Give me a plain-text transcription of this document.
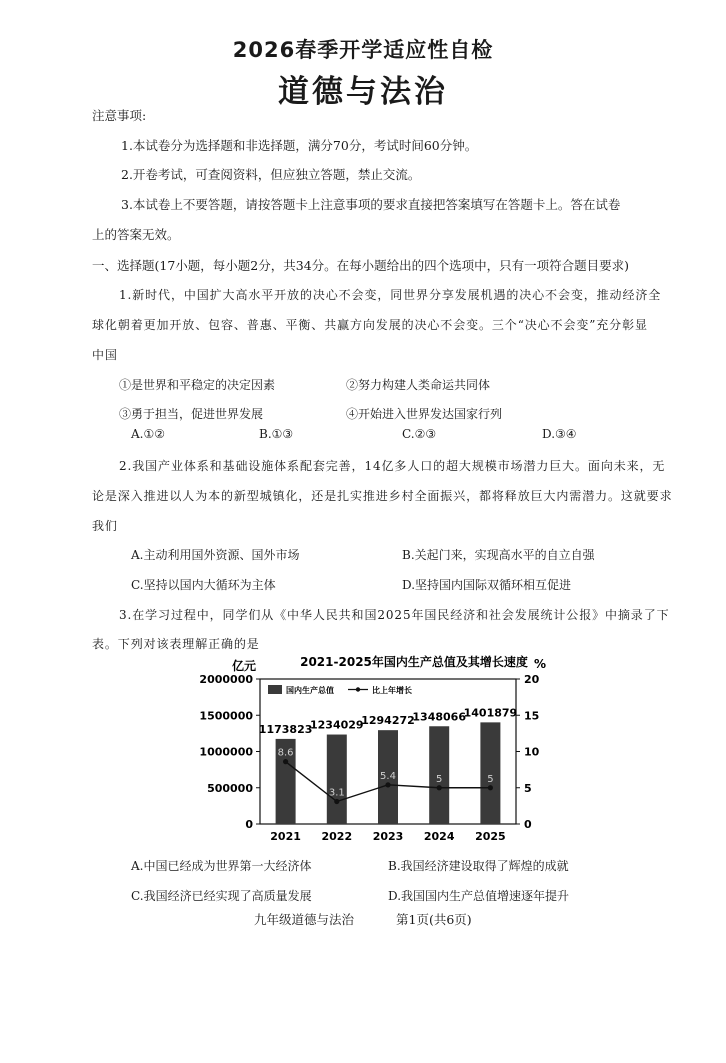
2026春季开学适应性自检
道德与法治
注意事项:
1.本试卷分为选择题和非选择题，满分70分，考试时间60分钟。
2.开卷考试，可查阅资料，但应独立答题，禁止交流。
3.本试卷上不要答题，请按答题卡上注意事项的要求直接把答案填写在答题卡上。答在试卷
上的答案无效。
一、选择题(17小题，每小题2分，共34分。在每小题给出的四个选项中，只有一项符合题目要求)
1.新时代，中国扩大高水平开放的决心不会变，同世界分享发展机遇的决心不会变，推动经济全
球化朝着更加开放、包容、普惠、平衡、共赢方向发展的决心不会变。三个“决心不会变”充分彰显
中国
①是世界和平稳定的决定因素	②努力构建人类命运共同体
③勇于担当，促进世界发展	④开始进入世界发达国家行列
A.①②	B.①③	C.②③	D.③④
2.我国产业体系和基础设施体系配套完善，14亿多人口的超大规模市场潜力巨大。面向未来，无
论是深入推进以人为本的新型城镇化，还是扎实推进乡村全面振兴，都将释放巨大内需潜力。这就要求
我们
A.主动利用国外资源、国外市场	B.关起门来，实现高水平的自立自强
C.坚持以国内大循环为主体	D.坚持国内国际双循环相互促进
3.在学习过程中，同学们从《中华人民共和国2025年国民经济和社会发展统计公报》中摘录了下
表。下列对该表理解正确的是
2021-2025年国内生产总值及其增长速度
亿元	%
0
500000
1000000
1500000
2000000
0
5
10
15
20
1173823
2021
1234029
2022
1294272
2023
1348066
2024
1401879
2025
8.6
3.1
5.4	5	5
国内生产总值	比上年增长
A.中国已经成为世界第一大经济体	B.我国经济建设取得了辉煌的成就
C.我国经济已经实现了高质量发展	D.我国国内生产总值增速逐年提升
九年级道德与法治	第1页(共6页)
